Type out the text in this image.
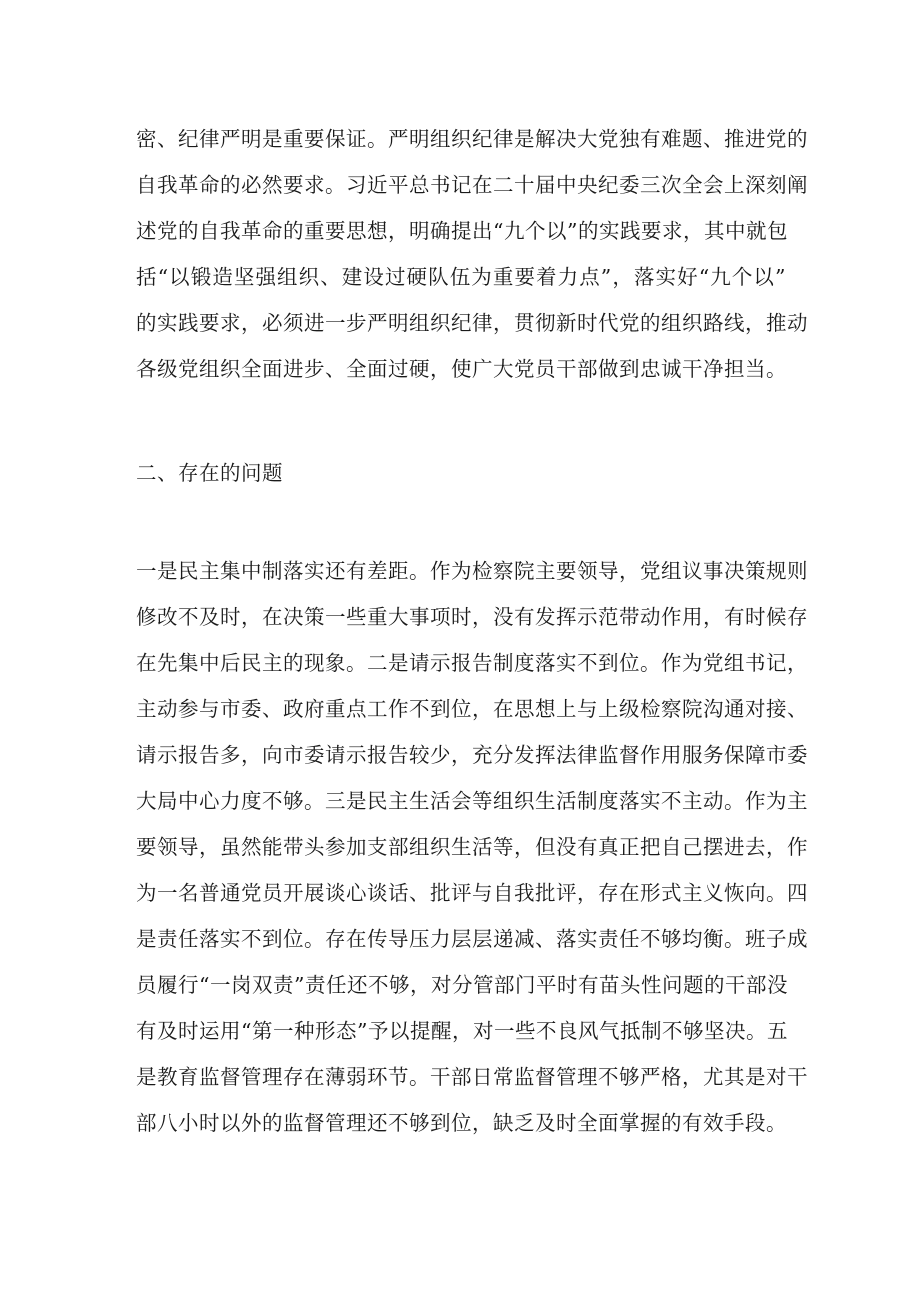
密、纪律严明是重要保证。严明组织纪律是解决大党独有难题、推进党的
自我革命的必然要求。习近平总书记在二十届中央纪委三次全会上深刻阐
述党的自我革命的重要思想，明确提出“九个以”的实践要求，其中就包
括“以锻造坚强组织、建设过硬队伍为重要着力点”，落实好“九个以”
的实践要求，必须进一步严明组织纪律，贯彻新时代党的组织路线，推动
各级党组织全面进步、全面过硬，使广大党员干部做到忠诚干净担当。
二、存在的问题
一是民主集中制落实还有差距。作为检察院主要领导，党组议事决策规则
修改不及时，在决策一些重大事项时，没有发挥示范带动作用，有时候存
在先集中后民主的现象。二是请示报告制度落实不到位。作为党组书记，
主动参与市委、政府重点工作不到位，在思想上与上级检察院沟通对接、
请示报告多，向市委请示报告较少，充分发挥法律监督作用服务保障市委
大局中心力度不够。三是民主生活会等组织生活制度落实不主动。作为主
要领导，虽然能带头参加支部组织生活等，但没有真正把自己摆进去，作
为一名普通党员开展谈心谈话、批评与自我批评，存在形式主义恢向。四
是责任落实不到位。存在传导压力层层递减、落实责任不够均衡。班子成
员履行“一岗双责”责任还不够，对分管部门平时有苗头性问题的干部没
有及时运用“第一种形态”予以提醒，对一些不良风气抵制不够坚决。五
是教育监督管理存在薄弱环节。干部日常监督管理不够严格，尤其是对干
部八小时以外的监督管理还不够到位，缺乏及时全面掌握的有效手段。
